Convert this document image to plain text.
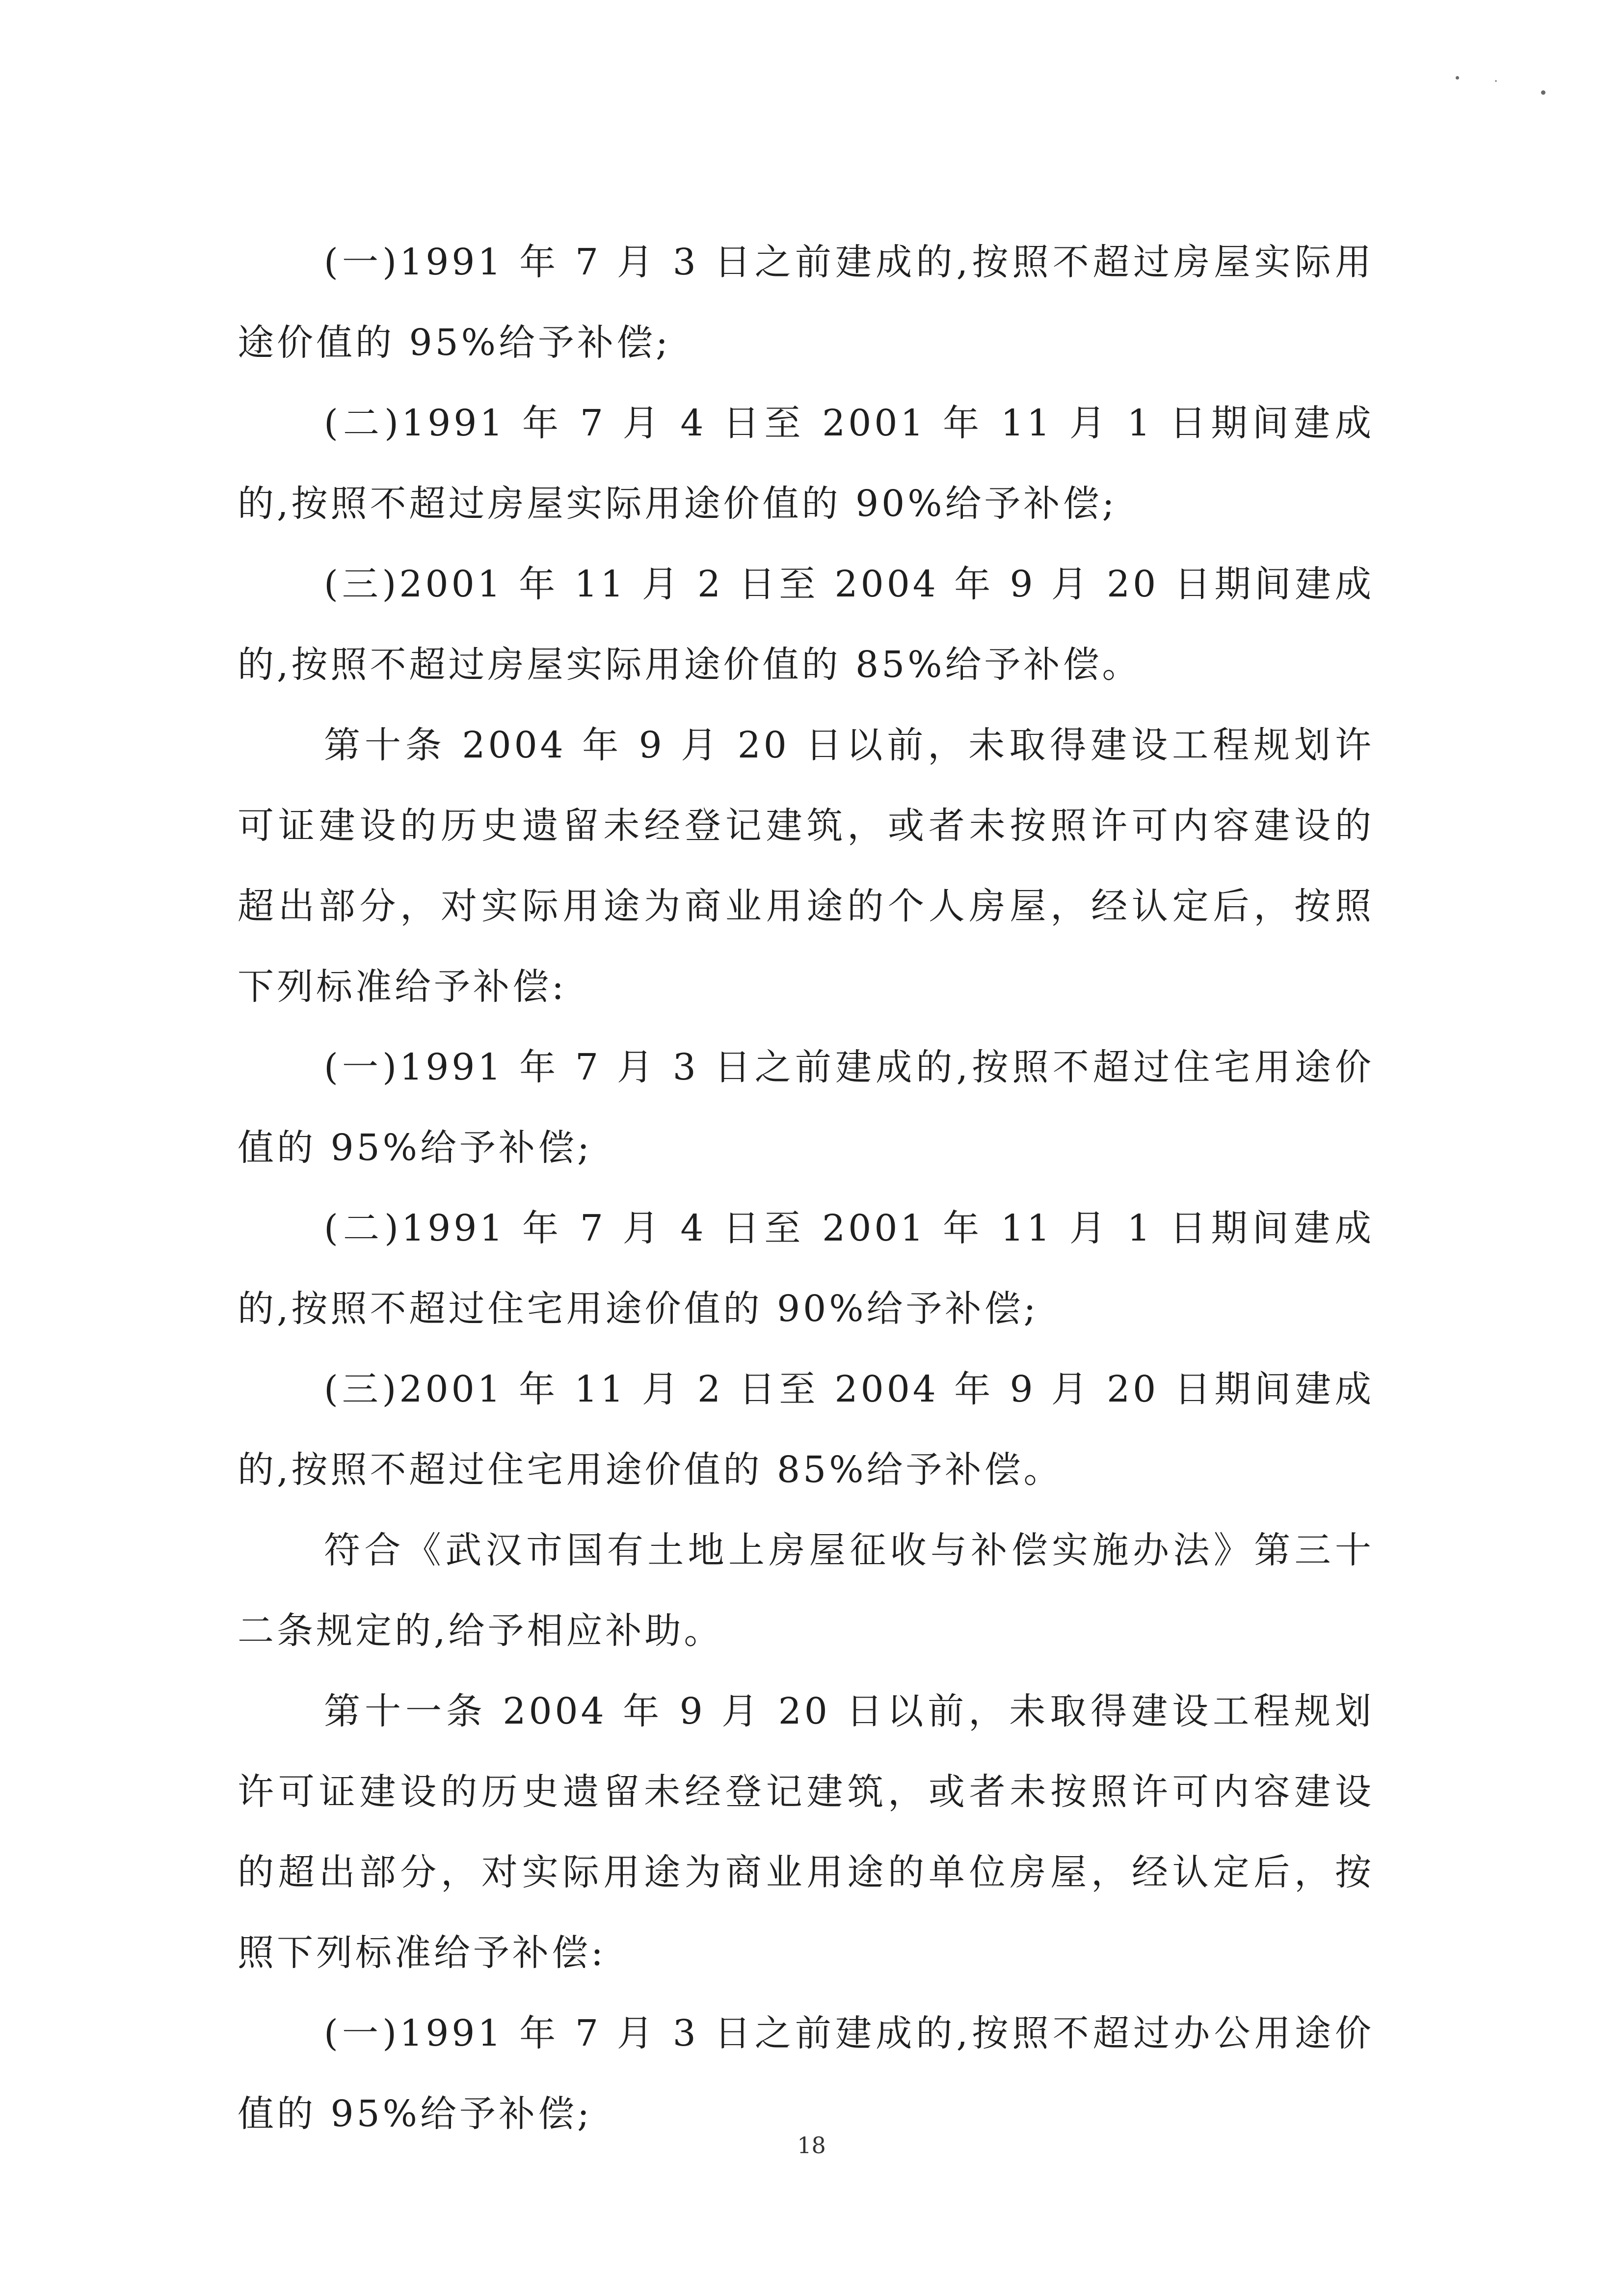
(一)1991 年 7 月 3 日之前建成的,按照不超过房屋实际用途价值的 95%给予补偿;

(二)1991 年 7 月 4 日至 2001 年 11 月 1 日期间建成的,按照不超过房屋实际用途价值的 90%给予补偿;

(三)2001 年 11 月 2 日至 2004 年 9 月 20 日期间建成的,按照不超过房屋实际用途价值的 85%给予补偿。

第十条 2004 年 9 月 20 日以前，未取得建设工程规划许可证建设的历史遗留未经登记建筑，或者未按照许可内容建设的超出部分，对实际用途为商业用途的个人房屋，经认定后，按照下列标准给予补偿:

(一)1991 年 7 月 3 日之前建成的,按照不超过住宅用途价值的 95%给予补偿;

(二)1991 年 7 月 4 日至 2001 年 11 月 1 日期间建成的,按照不超过住宅用途价值的 90%给予补偿;

(三)2001 年 11 月 2 日至 2004 年 9 月 20 日期间建成的,按照不超过住宅用途价值的 85%给予补偿。

符合《武汉市国有土地上房屋征收与补偿实施办法》第三十二条规定的,给予相应补助。

第十一条 2004 年 9 月 20 日以前，未取得建设工程规划许可证建设的历史遗留未经登记建筑，或者未按照许可内容建设的超出部分，对实际用途为商业用途的单位房屋，经认定后，按照下列标准给予补偿:

(一)1991 年 7 月 3 日之前建成的,按照不超过办公用途价值的 95%给予补偿;

18
